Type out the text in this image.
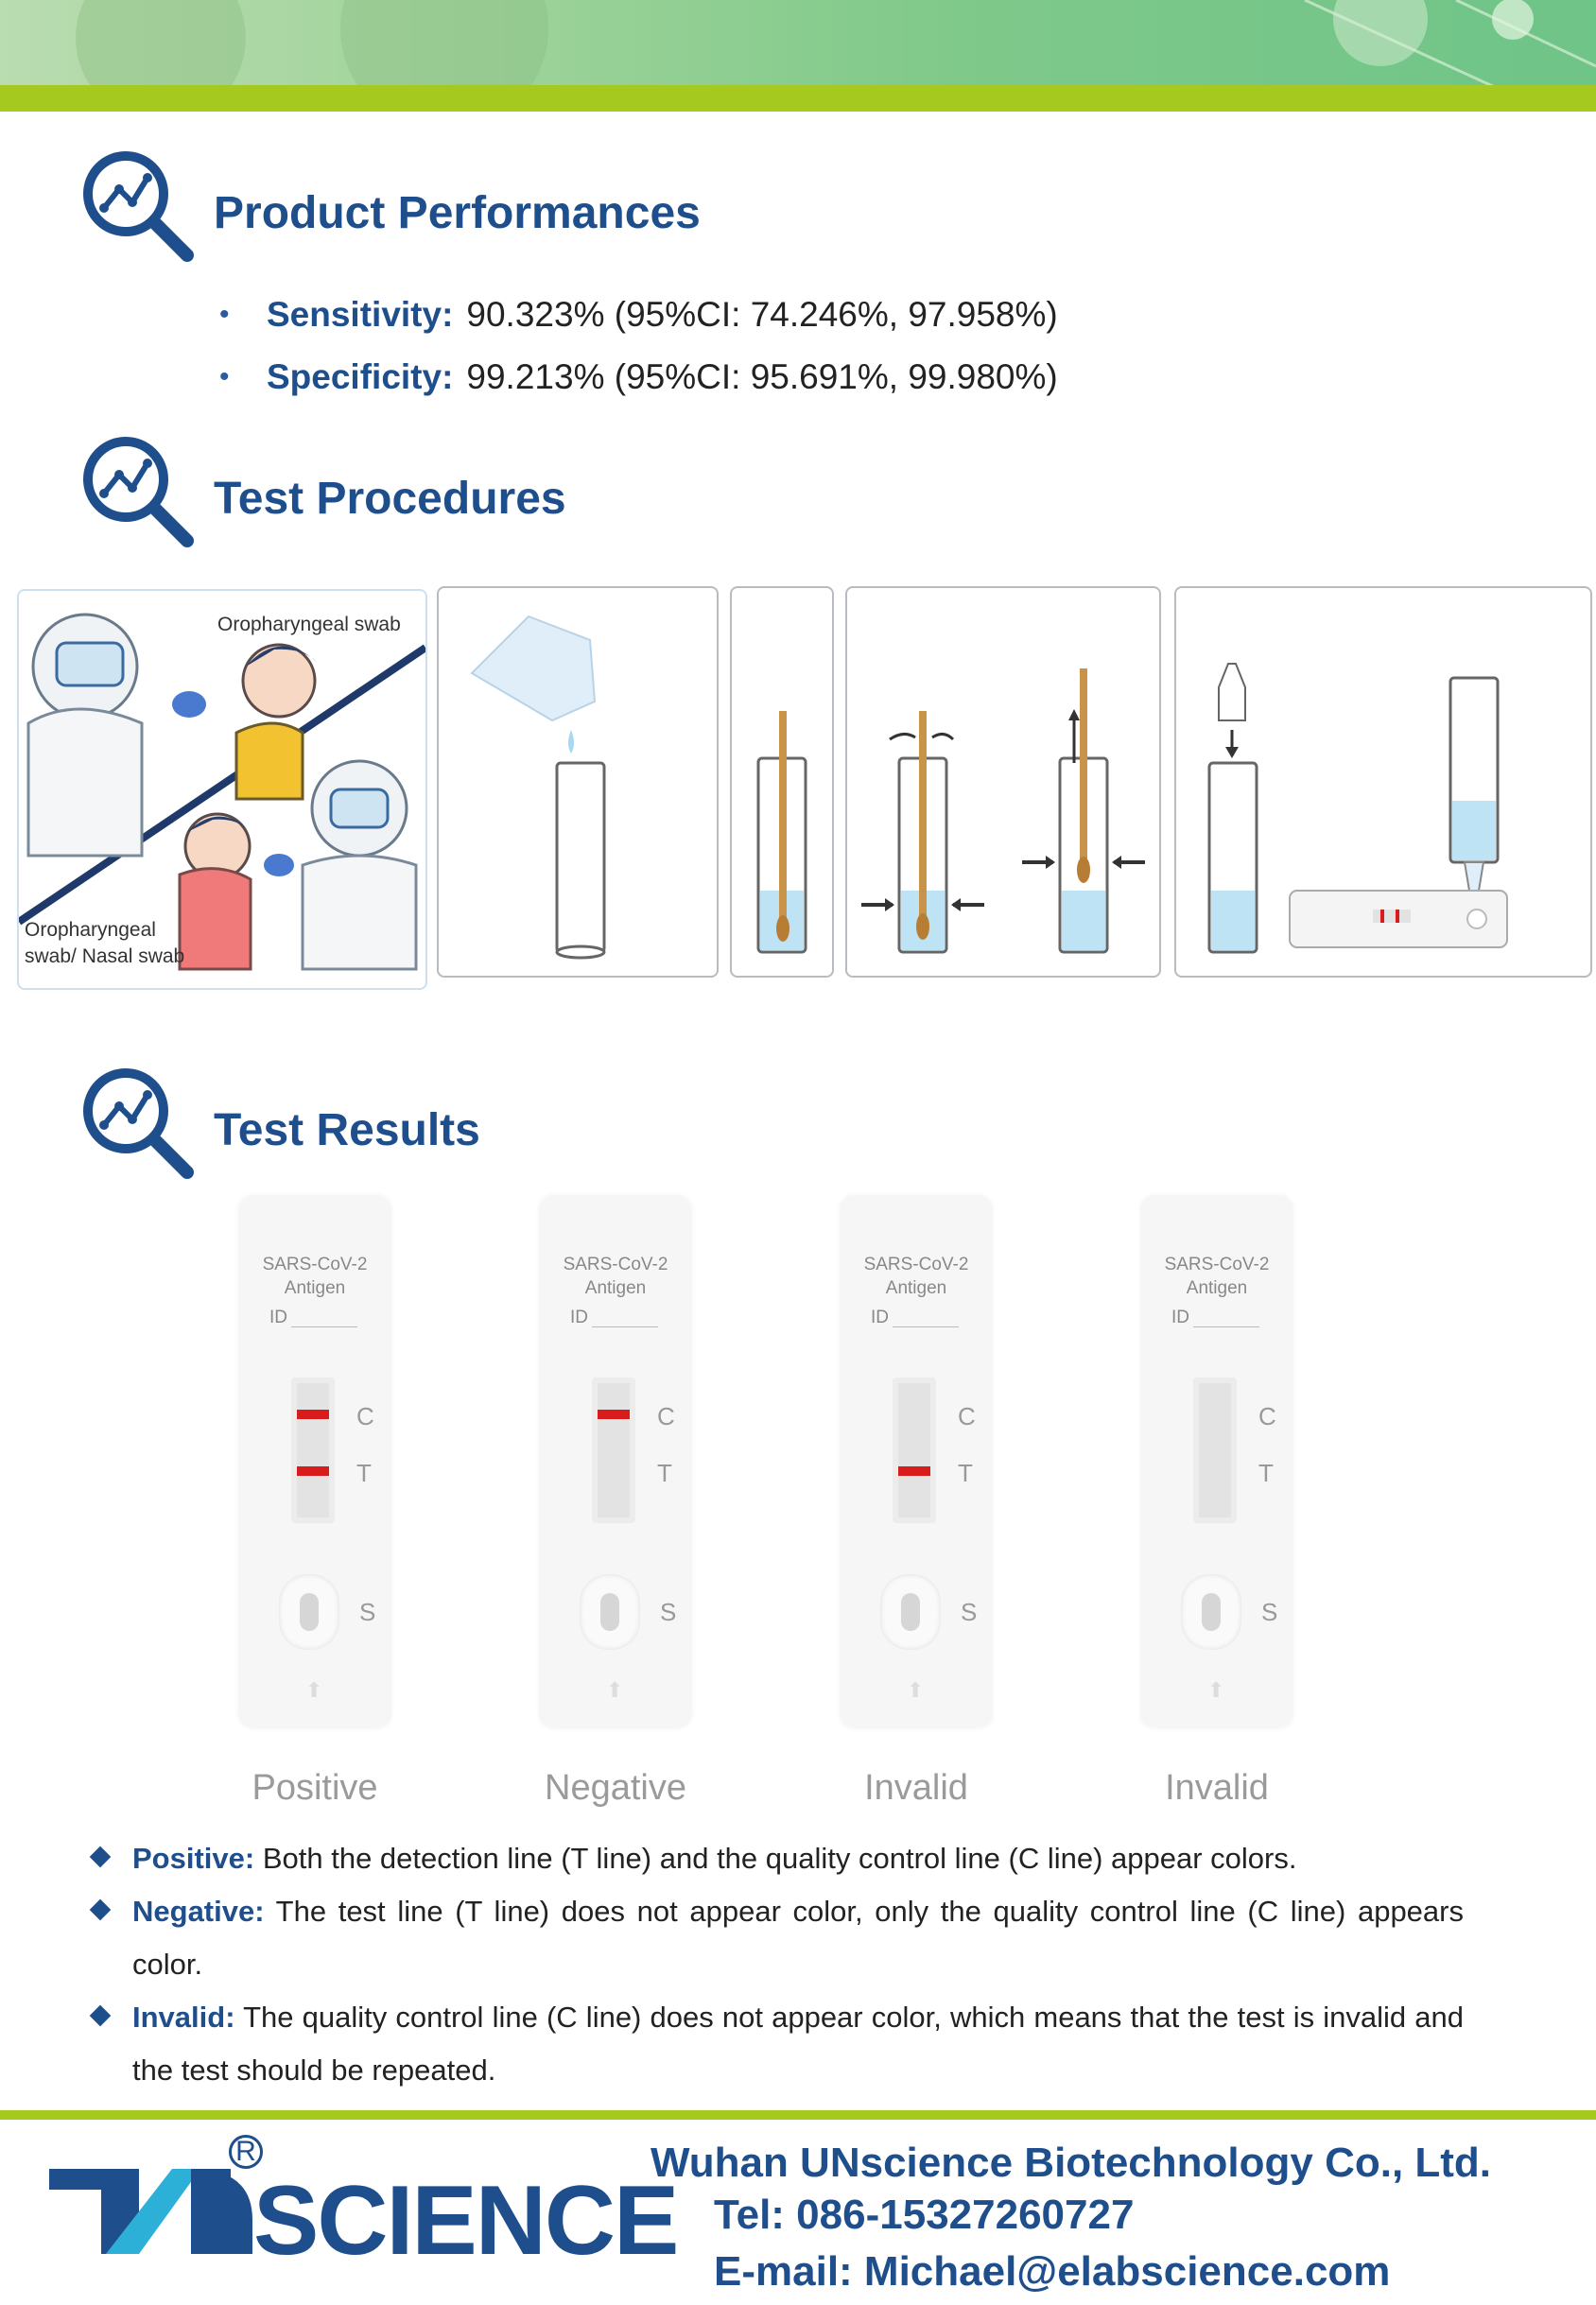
Product Performances
•	Sensitivity: 90.323% (95%CI: 74.246%, 97.958%)
•	Specificity: 99.213% (95%CI: 95.691%, 99.980%)
Test Procedures
Oropharyngeal swab
Oropharyngeal
swab/ Nasal swab
Test Results
SARS-CoV-2
Antigen
ID
C
T
S
⬆
SARS-CoV-2
Antigen
ID
C
T
S
⬆
SARS-CoV-2
Antigen
ID
C
T
S
⬆
SARS-CoV-2
Antigen
ID
C
T
S
⬆
Positive	Negative	Invalid	Invalid
Positive: Both the detection line (T line) and the quality control line (C line) appear colors.
Negative: The test line (T line) does not appear color, only the quality control line (C line) appears color.
Invalid: The quality control line (C line) does not appear color, which means that the test is invalid and the test should be repeated.
R
SCIENCE
Wuhan UNscience Biotechnology Co., Ltd.
Tel: 086-15327260727
E-mail: Michael@elabscience.com
